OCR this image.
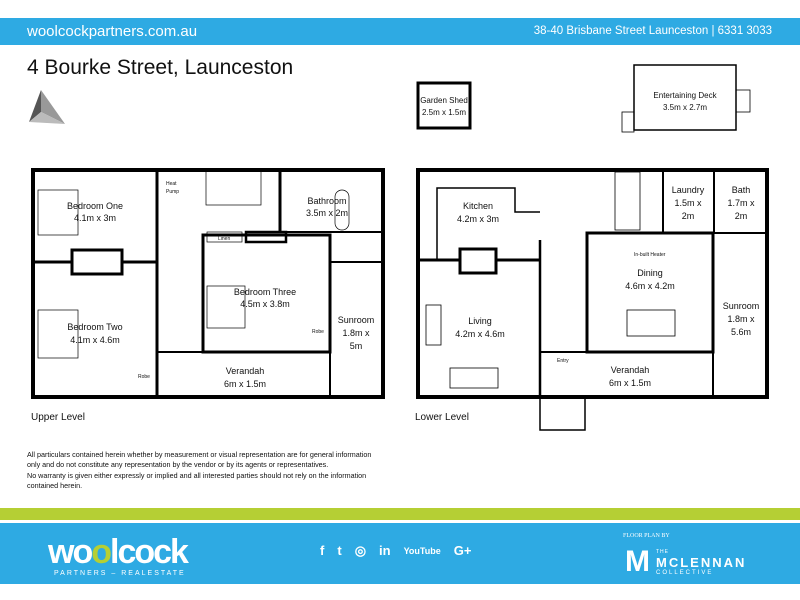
woolcockpartners.com.au	38-40 Brisbane Street Launceston | 6331 3033
4 Bourke Street, Launceston
Bedroom One
4.1m x 3m
Bedroom Two
4.1m x 4.6m
Bathroom
3.5m x 2m
Bedroom Three
4.5m x 3.8m
Sunroom
1.8m x
5m
Verandah
6m x 1.5m
Heat
Pump
Linen
Robe
Robe
Upper Level
Kitchen
4.2m x 3m
Living
4.2m x 4.6m
Laundry
1.5m x
2m
Bath
1.7m x
2m
Dining
4.6m x 4.2m
Sunroom
1.8m x
5.6m
Verandah
6m x 1.5m
In-built Heater
Entry
Lower Level
Garden Shed
2.5m x 1.5m
Entertaining Deck
3.5m x 2.7m

All particulars contained herein whether by measurement or visual representation are for general information only and do not constitute any representation by the vendor or by its agents or representatives.

No warranty is given either expressly or implied and all interested parties should not rely on the information contained herein.

woolcock
PARTNERS – REALESTATE
f t ◎ in YouTube G+
FLOOR PLAN BY
M THE
MCLENNAN
COLLECTIVE
